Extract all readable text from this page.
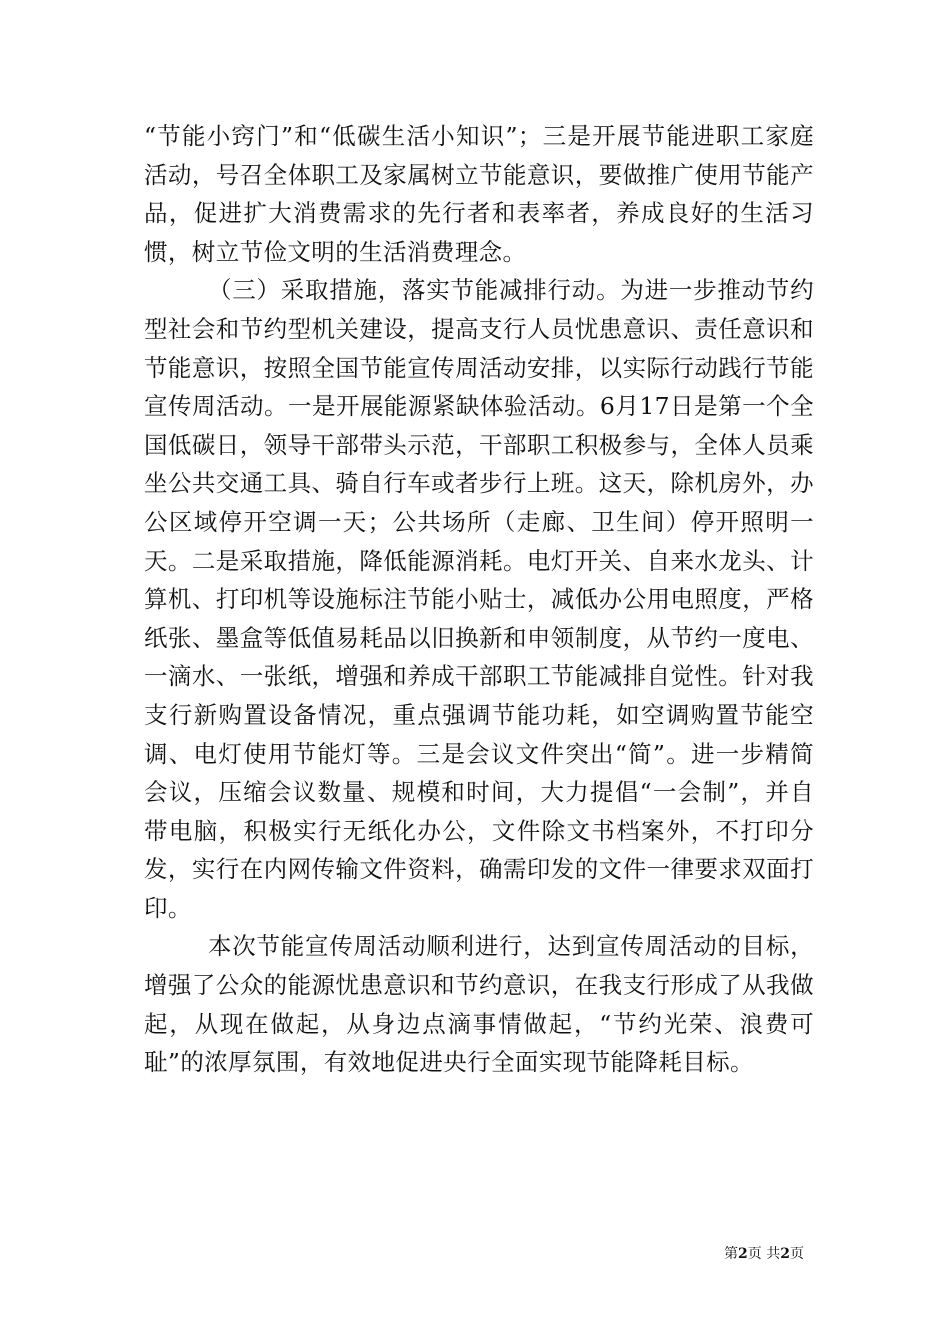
“节能小窍门”和“低碳生活小知识”；三是开展节能进职工家庭活动，号召全体职工及家属树立节能意识，要做推广使用节能产品，促进扩大消费需求的先行者和表率者，养成良好的生活习惯，树立节俭文明的生活消费理念。

（三）采取措施，落实节能减排行动。为进一步推动节约型社会和节约型机关建设，提高支行人员忧患意识、责任意识和节能意识，按照全国节能宣传周活动安排，以实际行动践行节能宣传周活动。一是开展能源紧缺体验活动。6月17日是第一个全国低碳日，领导干部带头示范，干部职工积极参与，全体人员乘坐公共交通工具、骑自行车或者步行上班。这天，除机房外，办公区域停开空调一天；公共场所（走廊、卫生间）停开照明一天。二是采取措施，降低能源消耗。电灯开关、自来水龙头、计算机、打印机等设施标注节能小贴士，减低办公用电照度，严格纸张、墨盒等低值易耗品以旧换新和申领制度，从节约一度电、一滴水、一张纸，增强和养成干部职工节能减排自觉性。针对我支行新购置设备情况，重点强调节能功耗，如空调购置节能空调、电灯使用节能灯等。三是会议文件突出“简”。进一步精简会议，压缩会议数量、规模和时间，大力提倡“一会制”，并自带电脑，积极实行无纸化办公，文件除文书档案外，不打印分发，实行在内网传输文件资料，确需印发的文件一律要求双面打印。

本次节能宣传周活动顺利进行，达到宣传周活动的目标，增强了公众的能源忧患意识和节约意识，在我支行形成了从我做起，从现在做起，从身边点滴事情做起，“节约光荣、浪费可耻”的浓厚氛围，有效地促进央行全面实现节能降耗目标。

第2页 共2页
